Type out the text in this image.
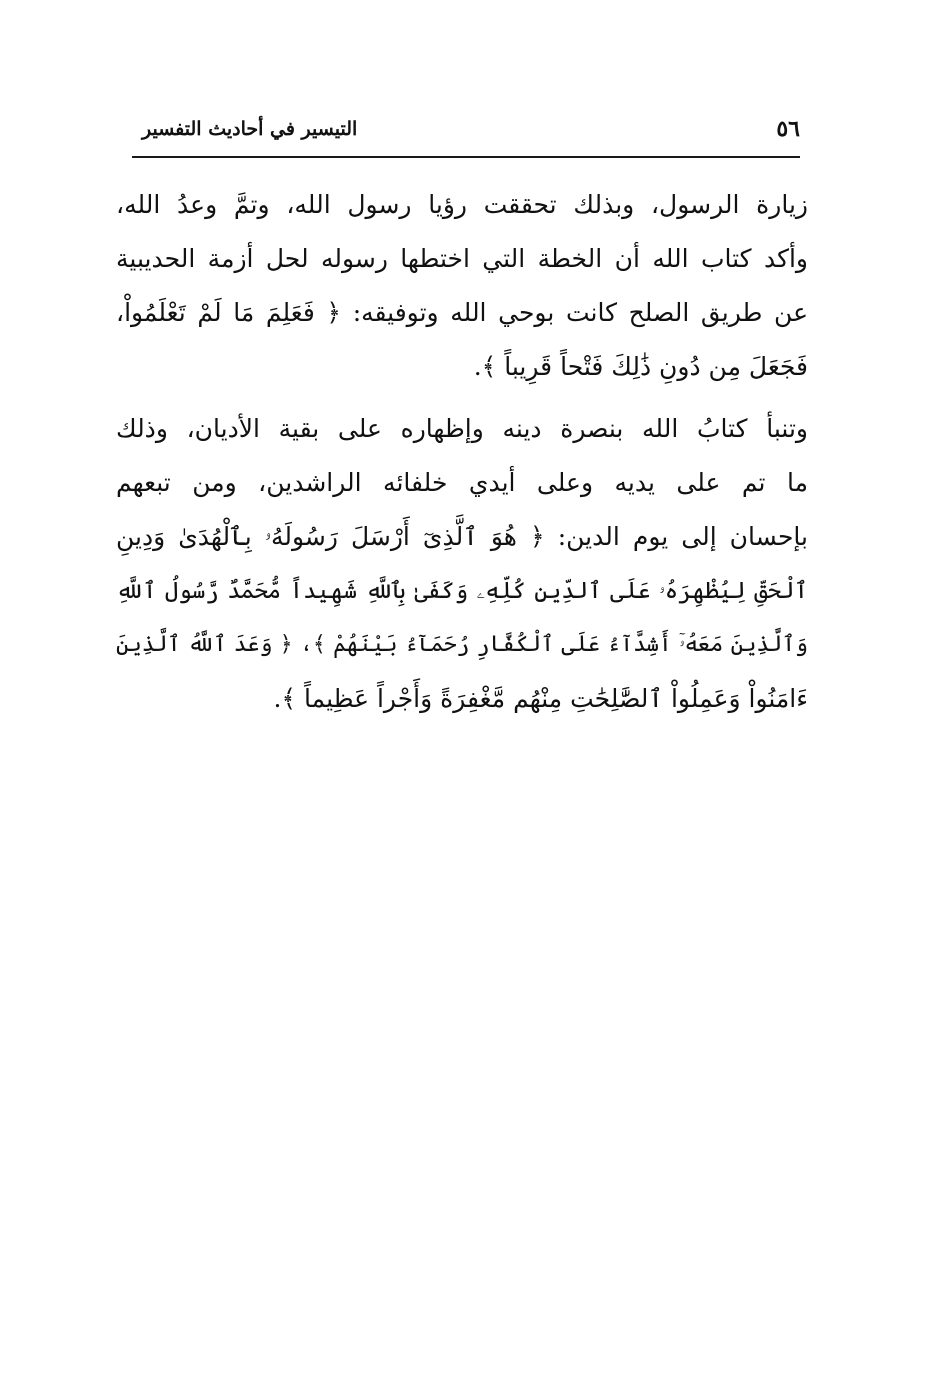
٥٦
التيسير في أحاديث التفسير

زيارة الرسول، وبذلك تحققت رؤيا رسول الله، وتمَّ وعدُ الله،
وأكد كتاب الله أن الخطة التي اختطها رسوله لحل أزمة الحديبية
عن طريق الصلح كانت بوحي الله وتوفيقه: ﴿ فَعَلِمَ مَا لَمْ تَعْلَمُواْ،
فَجَعَلَ مِن دُونِ ذَٰلِكَ فَتْحاً قَرِيباً ﴾.

وتنبأ كتابُ الله بنصرة دينه وإظهاره على بقية الأديان، وذلك
ما تم على يديه وعلى أيدي خلفائه الراشدين، ومن تبعهم
بإحسان إلى يوم الدين: ﴿ هُوَ ٱلَّذِىٓ أَرْسَلَ رَسُولَهُۥ بِٱلْهُدَىٰ وَدِينِ
ٱلْحَقِّ لِيُظْهِرَهُۥ عَلَى ٱلدِّينِ كُلِّهِۦ وَكَفَىٰ بِٱللَّهِ شَهِيداً مُّحَمَّدٌ رَّسُولُ ٱللَّهِ
وَٱلَّذِينَ مَعَهُۥٓ أَشِدَّآءُ عَلَى ٱلْكُفَّارِ رُحَمَآءُ بَيْنَهُمْ ﴾، ﴿ وَعَدَ ٱللَّهُ ٱلَّذِينَ
ءَامَنُواْ وَعَمِلُواْ ٱلصَّٰلِحَٰتِ مِنْهُم مَّغْفِرَةً وَأَجْراً عَظِيماً ﴾.
